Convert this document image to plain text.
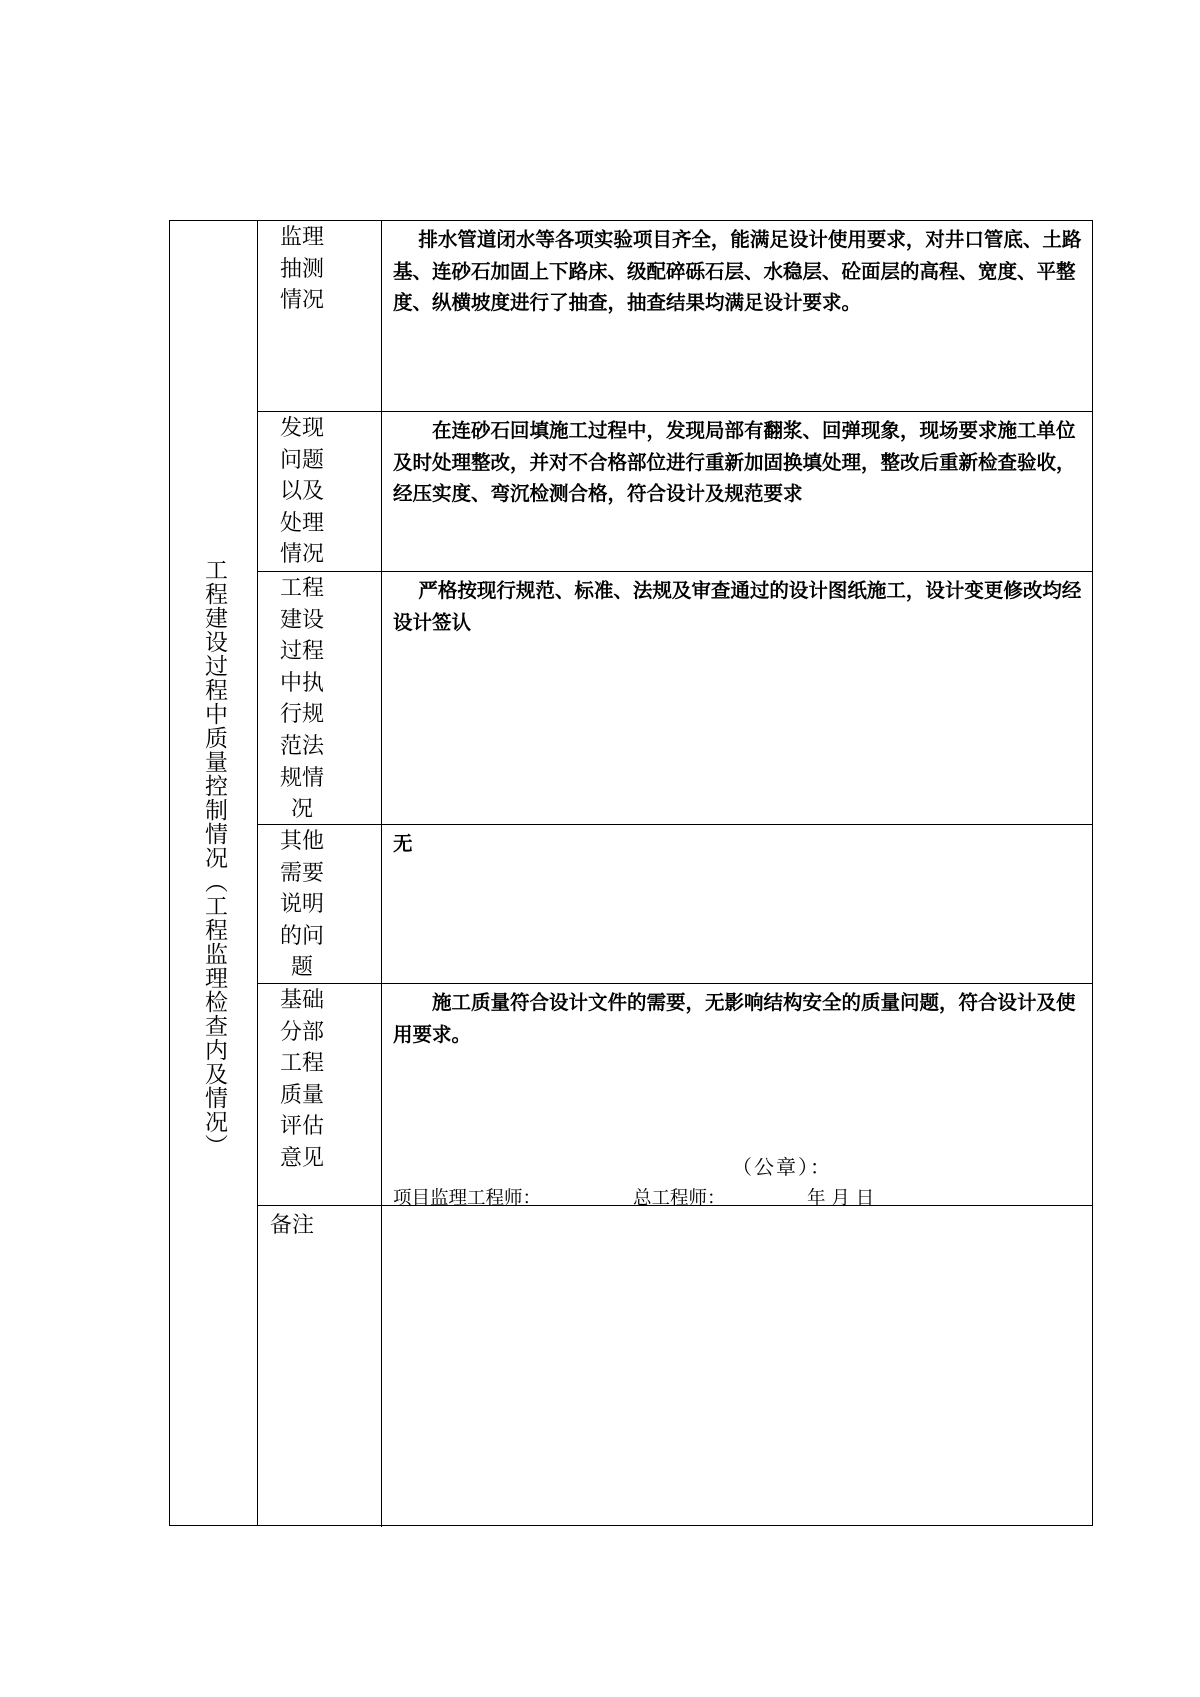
工程建设过程中质量控制情况（工程监理检查内及情况）
监理
抽测
情况

排水管道闭水等各项实验项目齐全，能满足设计使用要求，对井口管底、土路基、连砂石加固上下路床、级配碎砾石层、水稳层、砼面层的高程、宽度、平整度、纵横坡度进行了抽查，抽查结果均满足设计要求。

发现
问题
以及
处理
情况

在连砂石回填施工过程中，发现局部有翻浆、回弹现象，现场要求施工单位及时处理整改，并对不合格部位进行重新加固换填处理，整改后重新检查验收，经压实度、弯沉检测合格，符合设计及规范要求

工程
建设
过程
中执
行规
范法
规情
况

严格按现行规范、标准、法规及审查通过的设计图纸施工，设计变更修改均经设计签认

其他
需要
说明
的问
题

无

基础
分部
工程
质量
评估
意见

施工质量符合设计文件的需要，无影响结构安全的质量问题，符合设计及使用要求。

（公章）：
项目监理工程师：	总工程师：	年 月 日
备注
